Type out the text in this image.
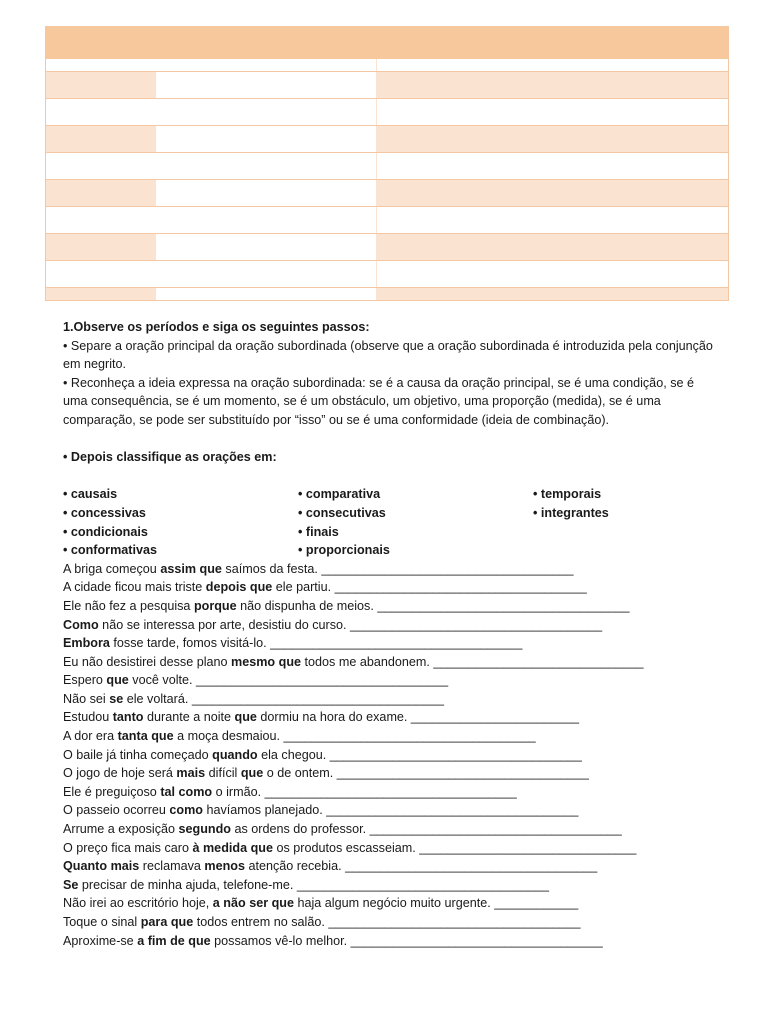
1.Observe os períodos e siga os seguintes passos:

• Separe a oração principal da oração subordinada (observe que a oração subordinada é introduzida pela conjunção em negrito.

• Reconheça a ideia expressa na oração subordinada: se é a causa da oração principal, se é uma condição, se é uma consequência, se é um momento, se é um obstáculo, um objetivo, uma proporção (medida), se é uma comparação, se pode ser substituído por “isso” ou se é uma conformidade (ideia de combinação).

• Depois classifique as orações em:

• causais
• concessivas
• condicionais
• conformativas
• comparativa
• consecutivas
• finais
• proporcionais
• temporais
• integrantes

A briga começou assim que saímos da festa. ____________________________________

A cidade ficou mais triste depois que ele partiu. ____________________________________

Ele não fez a pesquisa porque não dispunha de meios. ____________________________________

Como não se interessa por arte, desistiu do curso. ____________________________________

Embora fosse tarde, fomos visitá-lo. ____________________________________

Eu não desistirei desse plano mesmo que todos me abandonem. ______________________________

Espero que você volte. ____________________________________

Não sei se ele voltará. ____________________________________

Estudou tanto durante a noite que dormiu na hora do exame. ________________________

A dor era tanta que a moça desmaiou. ____________________________________

O baile já tinha começado quando ela chegou. ____________________________________

O jogo de hoje será mais difícil que o de ontem. ____________________________________

Ele é preguiçoso tal como o irmão. ____________________________________

O passeio ocorreu como havíamos planejado. ____________________________________

Arrume a exposição segundo as ordens do professor. ____________________________________

O preço fica mais caro à medida que os produtos escasseiam. _______________________________

Quanto mais reclamava menos atenção recebia. ____________________________________

Se precisar de minha ajuda, telefone-me. ____________________________________

Não irei ao escritório hoje, a não ser que haja algum negócio muito urgente. ____________

Toque o sinal para que todos entrem no salão. ____________________________________

Aproxime-se a fim de que possamos vê-lo melhor. ____________________________________
